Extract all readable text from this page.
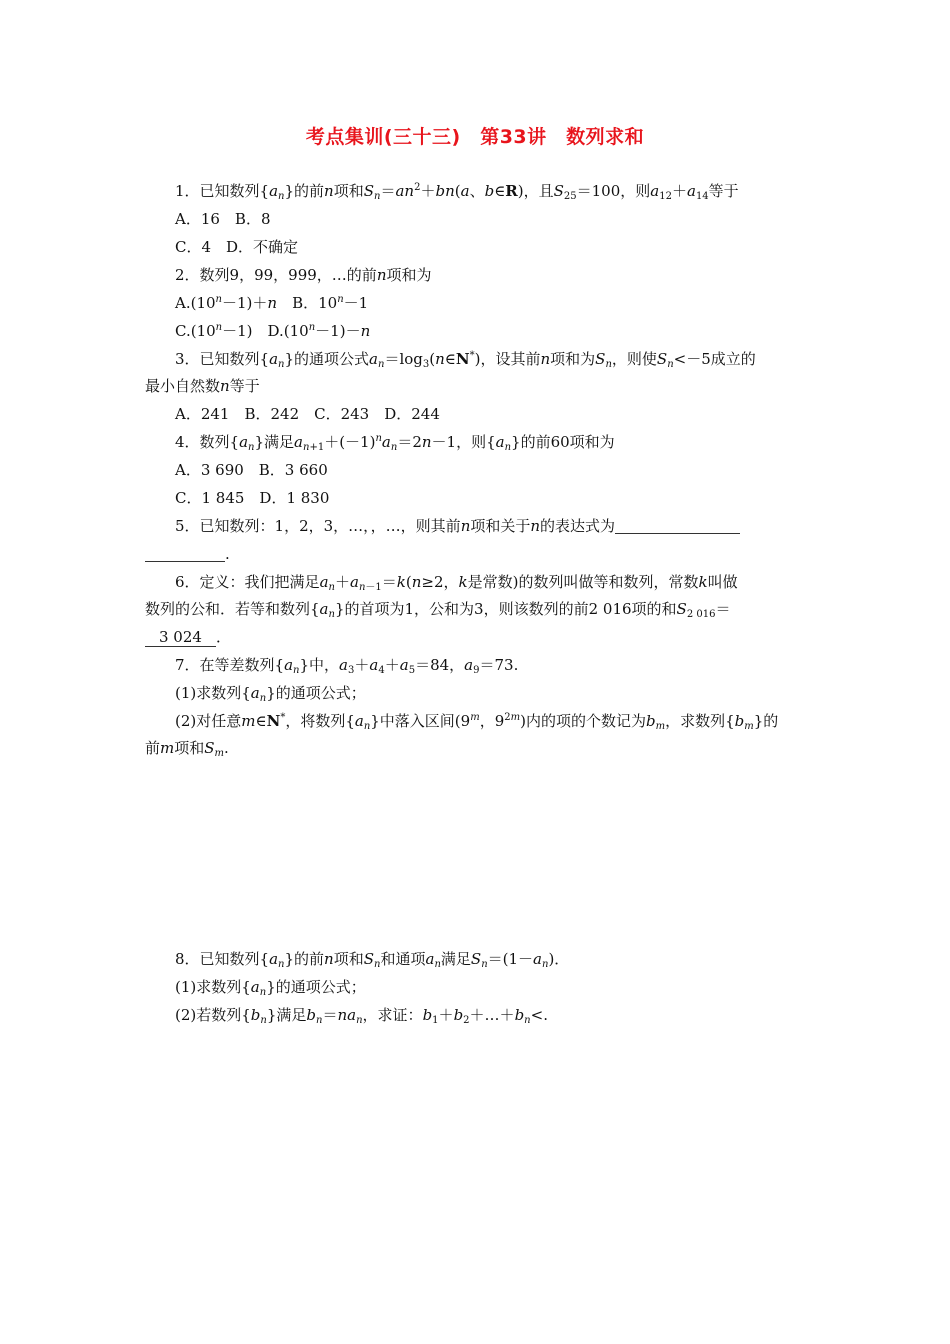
考点集训(三十三)　第33讲　数列求和
1．已知数列$\{a_n\}$的前n项和$S_n=an^2+bn(a$、b∈R)，且$S_{25}=100$，则$a_{12}+a_{14}$等于
A．16　B．8
C．4　D．不确定
2．数列9，99，999，…的前n项和为
$A.(10^n-1)+n$　B．$10^n-1$
$C.(10^n-1)$　$D.(10^n-1)-n$
3．已知数列$\{a_n\}$的通项公式$a_n=\log_3(n\in N^*)$，设其前n项和为$S_n$，则使$S_n<-5$成立的
最小自然数n等于
A．241　B．242　C．243　D．244
4．数列$\{a_n\}$满足$a_{n+1}+(-1)^na_n=2n-1$，则$\{a_n\}$的前60项和为
A．3 690　B．3 660
C．1 845　D．1 830
5．已知数列：1，2，3，…，，…，则其前n项和关于n的表达式为
.
6．定义：我们把满足$a_n+a_{n-1}=k(n\ge 2$，k是常数)的数列叫做等和数列，常数k叫做
数列的公和．若等和数列$\{a_n\}$的首项为1，公和为3，则该数列的前2 016项的和$S_{2 016}=$
3 024 ．
7．在等差数列$\{a_n\}$中，$a_3+a_4+a_5=84$，$a_9=73$.
(1)求数列$\{a_n\}$的通项公式；
(2)对任意m∈N*，将数列$\{a_n\}$中落入区间(9$^m$，$9^{2m}$)内的项的个数记为$b_m$，求数列$\{b_m\}$的
前m项和$S_m$.
8．已知数列$\{a_n\}$的前n项和$S_n$和通项$a_n$满足$S_n=(1-a_n)$．
(1)求数列$\{a_n\}$的通项公式；
(2)若数列$\{b_n\}$满足$b_n=na_n$，求证：$b_1+b_2+\dots+b_n<$.
